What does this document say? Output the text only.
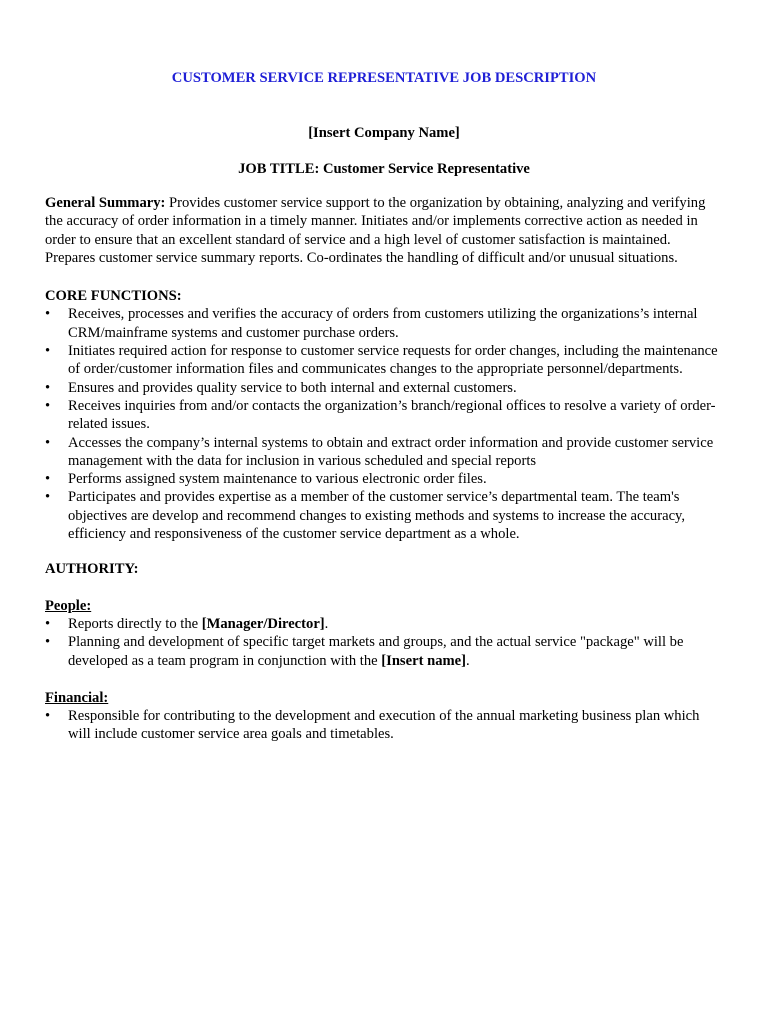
CUSTOMER SERVICE REPRESENTATIVE JOB DESCRIPTION
[Insert Company Name]
JOB TITLE: Customer Service Representative

General Summary: Provides customer service support to the organization by obtaining, analyzing and verifying the accuracy of order information in a timely manner. Initiates and/or implements corrective action as needed in order to ensure that an excellent standard of service and a high level of customer satisfaction is maintained. Prepares customer service summary reports. Co-ordinates the handling of difficult and/or unusual situations.

CORE FUNCTIONS:

• Receives, processes and verifies the accuracy of orders from customers utilizing the organizations’s internal CRM/mainframe systems and customer purchase orders.
• Initiates required action for response to customer service requests for order changes, including the maintenance of order/customer information files and communicates changes to the appropriate personnel/departments.
• Ensures and provides quality service to both internal and external customers.
• Receives inquiries from and/or contacts the organization’s branch/regional offices to resolve a variety of order-related issues.
• Accesses the company’s internal systems to obtain and extract order information and provide customer service management with the data for inclusion in various scheduled and special reports
• Performs assigned system maintenance to various electronic order files.
• Participates and provides expertise as a member of the customer service’s departmental team. The team's objectives are develop and recommend changes to existing methods and systems to increase the accuracy, efficiency and responsiveness of the customer service department as a whole.

AUTHORITY:

People:

• Reports directly to the [Manager/Director].
• Planning and development of specific target markets and groups, and the actual service "package" will be developed as a team program in conjunction with the [Insert name].

Financial:

• Responsible for contributing to the development and execution of the annual marketing business plan which will include customer service area goals and timetables.
